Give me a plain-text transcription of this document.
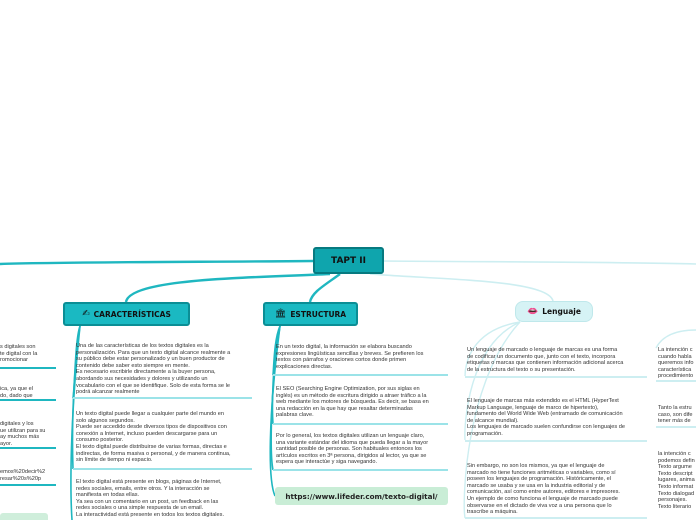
TAPT II
✍ CARACTERÍSTICAS	🏛 ESTRUCTURA	👄 Lenguaje
s digitales son
te digital con la
romocionar
ica, ya que el
do, dado que
digitales y los
ue utilizan para su
ay muchos más
ayor.
emos%20decir%2
resar%20s%20p
Una de las características de los textos digitales es la
personalización. Para que un texto digital alcance realmente a
su público debe estar personalizado y un buen productor de
contenido debe saber esto siempre en mente.
Es necesario escribirle directamente a la buyer persona,
abordando sus necesidades y dolores y utilizando un
vocabulario con el que se identifique. Solo de esta forma se le
podrá alcanzar realmente
Un texto digital puede llegar a cualquier parte del mundo en
solo algunos segundos.
Puede ser accedido desde diversos tipos de dispositivos con
conexión a Internet, incluso pueden descargarse para un
consumo posterior.
El texto digital puede distribuirse de varias formas, directas e
indirectas, de forma masiva o personal, y de manera continua,
sin límite de tiempo ni espacio.
El texto digital está presente en blogs, páginas de Internet,
redes sociales, emails, entre otros. Y la interacción se
manifiesta en todas ellas.
Ya sea con un comentario en un post, un feedback en las
redes sociales o una simple respuesta de un email.
La interactividad está presente en todos los textos digitales.
En un texto digital, la información se elabora buscando
expresiones lingüísticas sencillas y breves. Se prefieren los
textos con párrafos y oraciones cortos donde primen
explicaciones directas.
El SEO (Searching Engine Optimization, por sus siglas en
inglés) es un método de escritura dirigido a atraer tráfico a la
web mediante los motores de búsqueda. Es decir, se basa en
una redacción en la que hay que resaltar determinadas
palabras clave.
Por lo general, los textos digitales utilizan un lenguaje claro,
una variante estándar del idioma que pueda llegar a la mayor
cantidad posible de personas. Son habituales entonces los
artículos escritos en 3ª persona, dirigidos al lector, ya que se
espera que interactúe y siga navegando.
https://www.lifeder.com/texto-digital/
Un lenguaje de marcado o lenguaje de marcas es una forma
de codificar un documento que, junto con el texto, incorpora
etiquetas o marcas que contienen información adicional acerca
de la estructura del texto o su presentación.
El lenguaje de marcas más extendido es el HTML (HyperText
Markup Language, lenguaje de marco de hipertexto),
fundamento del World Wide Web (entramado de comunicación
de alcance mundial).
Los lenguajes de marcado suelen confundirse con lenguajes de
programación.
Sin embargo, no son los mismos, ya que el lenguaje de
marcado no tiene funciones aritméticas o variables, como sí
poseen los lenguajes de programación. Históricamente, el
marcado se usaba y se usa en la industria editorial y de
comunicación, así como entre autores, editores e impresores.
Un ejemplo de como funciona el lenguaje de marcado puede
observarse en el dictado de viva voz a una persona que lo
trascribe a máquina.
La intención c
cuando habla
queremos info
característica
procedimiento
Tanto la estru
caso, son dife
tener más de
la intención c
podemos defin
Texto argume
Texto descript
lugares, anima
Texto informat
Texto dialogad
personajes.
Texto literario
